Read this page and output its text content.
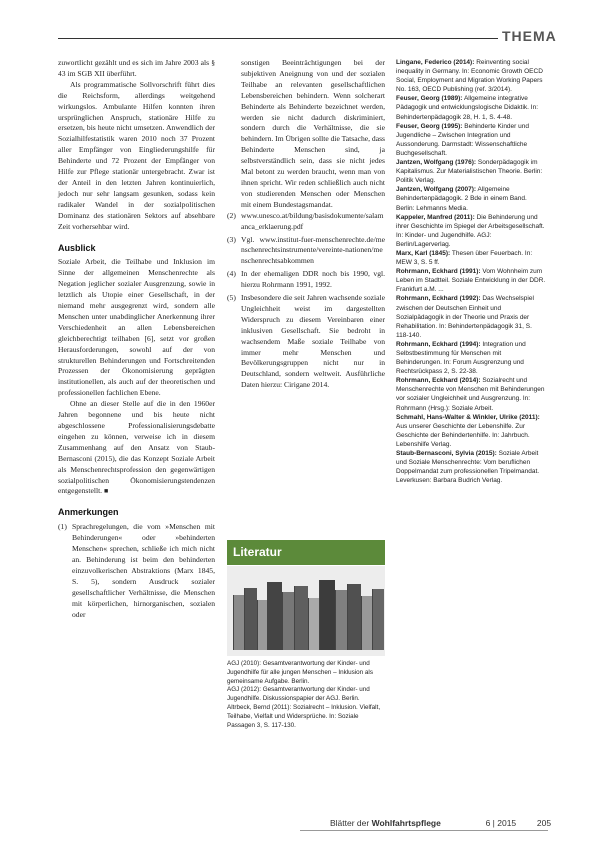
THEMA

zuwortlicht gezählt und es sich im Jahre 2003 als § 43 im SGB XII überführt.

Als programmatische Sollvorschrift führt dies die Reichsform, allerdings weitgehend wirkungslos. Ambulante Hilfen konnten ihren ursprünglichen Anspruch, stationäre Hilfe zu ersetzen, bis heute nicht umsetzen. Anwendlich der Sozialhilfestatistik waren 2010 noch 37 Prozent aller Empfänger von Eingliederungshilfe für Behinderte und 72 Prozent der Empfänger von Hilfe zur Pflege stationär untergebracht. Zwar ist der Anteil in den letzten Jahren kontinuierlich, jedoch nur sehr langsam gesunken, sodass kein radikaler Wandel in der sozialpolitischen Dominanz des stationären Sektors auf absehbare Zeit vorhersehbar wird.

Ausblick

Soziale Arbeit, die Teilhabe und Inklusion im Sinne der allgemeinen Menschenrechte als Negation jeglicher sozialer Ausgrenzung, sowie in letztlich als Utopie einer Gesellschaft, in der niemand mehr ausgegrenzt wird, sondern alle Menschen unter unabdinglicher Anerkennung ihrer Verschiedenheit an allen Lebensbereichen gleichberechtigt teilhaben [6], setzt vor großen Herausforderungen, sowohl auf der von strukturellen Behinderungen und Fortschreitenden Prozessen der Ökonomisierung geprägten institutionellen, als auch auf der theoretischen und professionellen fachlichen Ebene.

Ohne an dieser Stelle auf die in den 1960er Jahren begonnene und bis heute nicht abgeschlossene Professionalisierungsdebatte eingehen zu können, verweise ich in diesem Zusammenhang auf den Ansatz von Staub-Bernasconi (2015), die das Konzept Soziale Arbeit als Menschenrechtsprofession den gegenwärtigen sozialpolitischen Ökonomisierungstendenzen entgegenstellt. ■

Anmerkungen
(1) Sprachregelungen, die vom »Menschen mit Behinderungen« oder »behinderten Menschen« sprechen, schließe ich mich nicht an. Behinderung ist beim den behinderten einzuvolkerischen Abstraktions (Marx 1845, S. 5), sondern Ausdruck sozialer gesellschaftlicher Verhältnisse, die Menschen mit körperlichen, hirnorganischen, sozialen oder

sonstigen Beeinträchtigungen bei der subjektiven Aneignung von und der sozialen Teilhabe an relevanten gesellschaftlichen Lebensbereichen behindern. Wenn solcherart Behinderte als Behinderte bezeichnet werden, werden sie nicht dadurch diskriminiert, sondern durch die Verhältnisse, die sie behindern. Im Übrigen sollte die Tatsache, dass Behinderte Menschen sind, ja selbstverständlich sein, dass sie nicht jedes Mal betont zu werden braucht, wenn man von ihnen spricht. Wir reden schließlich auch nicht von studierenden Menschen oder Menschen mit einem Bundestagsmandat.

(2) www.unesco.at/bildung/basisdokumente/salamanca_erklaerung.pdf
(3) Vgl. www.institut-fuer-menschenrechte.de/menschenrechtsinstrumente/vereinte-nationen/menschenrechtsabkommen
(4) In der ehemaligen DDR noch bis 1990, vgl. hierzu Rohrmann 1991, 1992.
(5) Insbesondere die seit Jahren wachsende soziale Ungleichheit weist im dargestellten Widerspruch zu diesem Vereinbaren einer inklusiven Gesellschaft. Sie bedroht in wachsendem Maße soziale Teilhabe von immer mehr Menschen und Bevölkerungsgruppen nicht nur in Deutschland, sondern weltweit. Ausführliche Daten hierzu: Cirigane 2014.
Literatur
AGJ (2010): Gesamtverantwortung der Kinder- und Jugendhilfe für alle jungen Menschen – Inklusion als gemeinsame Aufgabe. Berlin.
AGJ (2012): Gesamtverantwortung der Kinder- und Jugendhilfe. Diskussionspapier der AGJ. Berlin.
Altrbeck, Bernd (2011): Sozialrecht – Inklusion. Vielfalt, Teilhabe, Vielfalt und Widersprüche. In: Soziale Passagen 3, S. 117-130.
Lingane, Federico (2014): Reinventing social inequality in Germany. In: Economic Growth OECD Social, Employment and Migration Working Papers No. 163, OECD Publishing (ref. 3/2014).
Feuser, Georg (1989): Allgemeine integrative Pädagogik und entwicklungslogische Didaktik. In: Behindertenpädagogik 28, H. 1, S. 4-48.
Feuser, Georg (1995): Behinderte Kinder und Jugendliche – Zwischen Integration und Aussonderung. Darmstadt: Wissenschaftliche Buchgesellschaft.
Jantzen, Wolfgang (1976): Sonderpädagogik im Kapitalismus. Zur Materialistischen Theorie. Berlin: Politik Verlag.
Jantzen, Wolfgang (2007): Allgemeine Behindertenpädagogik. 2 Bde in einem Band. Berlin: Lehmanns Media.
Kappeler, Manfred (2011): Die Behinderung und ihrer Geschichte im Spiegel der Arbeitsgesellschaft. In: Kinder- und Jugendhilfe. AGJ: Berlin/Lagerverlag.
Marx, Karl (1845): Thesen über Feuerbach. In: MEW 3, S. 5 ff.
Rohrmann, Eckhard (1991): Vom Wohnheim zum Leben im Stadtteil. Soziale Entwicklung in der DDR. Frankfurt a.M. ...
Rohrmann, Eckhard (1992): Das Wechselspiel zwischen der Deutschen Einheit und Sozialpädagogik in der Theorie und Praxis der Rehabilitation. In: Behindertenpädagogik 31, S. 118-140.
Rohrmann, Eckhard (1994): Integration und Selbstbestimmung für Menschen mit Behinderungen. In: Forum Ausgrenzung und Rechtsrückpass 2, S. 22-38.
Rohrmann, Eckhard (2014): Sozialrecht und Menschenrechte von Menschen mit Behinderungen vor sozialer Ungleichheit und Ausgrenzung. In: Rohrmann (Hrsg.): Soziale Arbeit.
Schmahl, Hans-Walter & Winkler, Ulrike (2011): Aus unserer Geschichte der Lebenshilfe. Zur Geschichte der Behindertenhilfe. In: Jahrbuch. Lebenshilfe Verlag.
Staub-Bernasconi, Sylvia (2015): Soziale Arbeit und Soziale Menschenrechte: Vom beruflichen Doppelmandat zum professionellen Tripelmandat. Leverkusen: Barbara Budrich Verlag.
Blätter der Wohlfahrtspflege	6 | 2015 205
